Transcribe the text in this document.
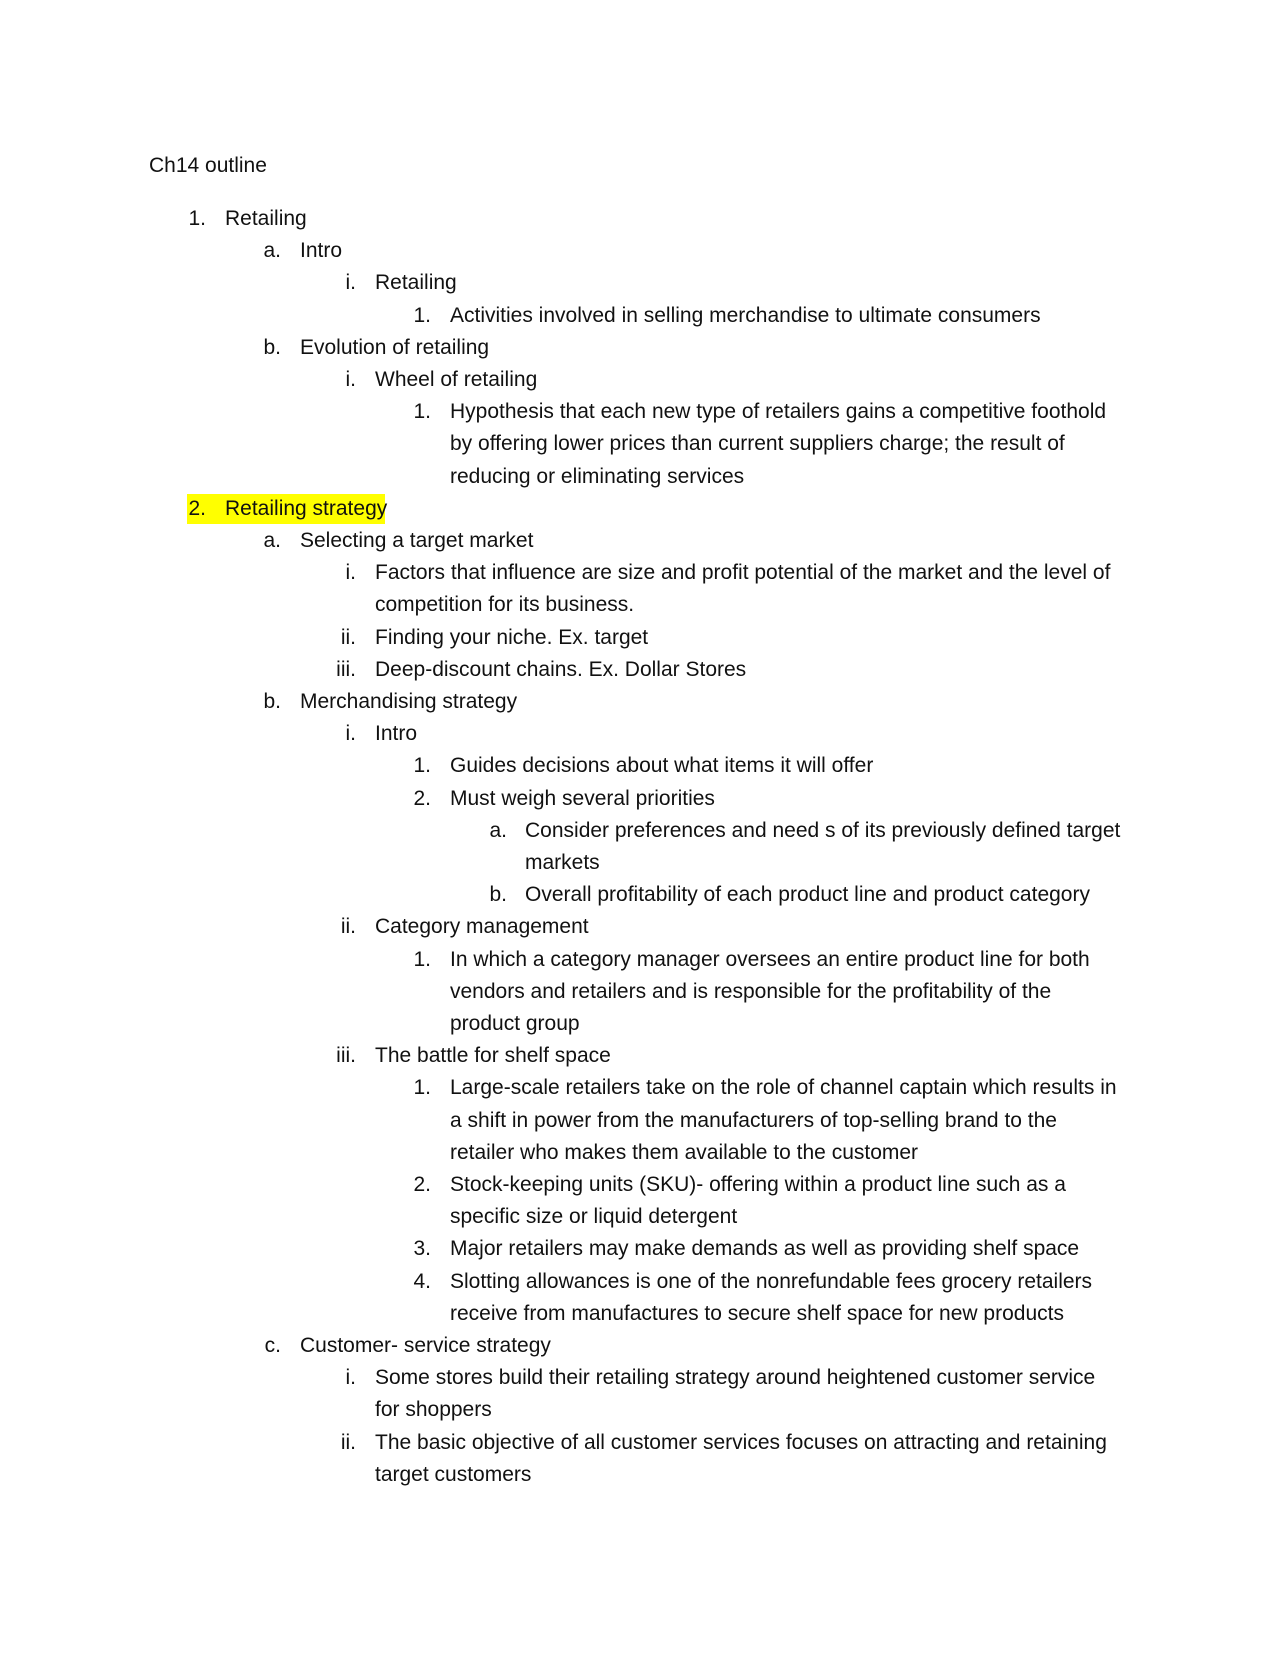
Ch14 outline
1. Retailing
a. Intro
i. Retailing
1. Activities involved in selling merchandise to ultimate consumers
b. Evolution of retailing
i. Wheel of retailing
1. Hypothesis that each new type of retailers gains a competitive foothold
by offering lower prices than current suppliers charge; the result of
reducing or eliminating services
2. Retailing strategy
a. Selecting a target market
i. Factors that influence are size and profit potential of the market and the level of
competition for its business.
ii. Finding your niche. Ex. target
iii. Deep-discount chains. Ex. Dollar Stores
b. Merchandising strategy
i. Intro
1. Guides decisions about what items it will offer
2. Must weigh several priorities
a. Consider preferences and need s of its previously defined target
markets
b. Overall profitability of each product line and product category
ii. Category management
1. In which a category manager oversees an entire product line for both
vendors and retailers and is responsible for the profitability of the
product group
iii. The battle for shelf space
1. Large-scale retailers take on the role of channel captain which results in
a shift in power from the manufacturers of top-selling brand to the
retailer who makes them available to the customer
2. Stock-keeping units (SKU)- offering within a product line such as a
specific size or liquid detergent
3. Major retailers may make demands as well as providing shelf space
4. Slotting allowances is one of the nonrefundable fees grocery retailers
receive from manufactures to secure shelf space for new products
c. Customer- service strategy
i. Some stores build their retailing strategy around heightened customer service
for shoppers
ii. The basic objective of all customer services focuses on attracting and retaining
target customers
